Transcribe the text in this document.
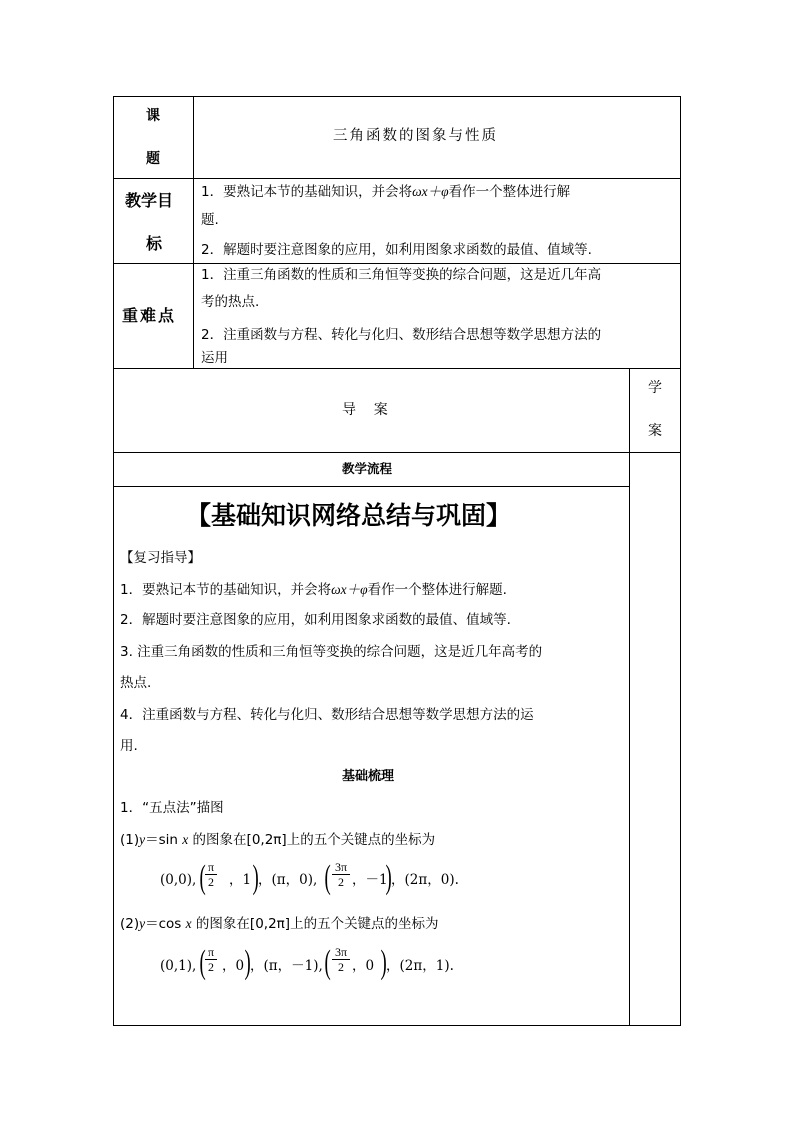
课
题
三角函数的图象与性质
教学目
标
1．要熟记本节的基础知识，并会将ωx＋φ看作一个整体进行解
题.
2．解题时要注意图象的应用，如利用图象求函数的最值、值域等.
重难点
1．注重三角函数的性质和三角恒等变换的综合问题，这是近几年高
考的热点.
2．注重函数与方程、转化与化归、数形结合思想等数学思想方法的
运用
导    案
学
案
教学流程
【基础知识网络总结与巩固】
【复习指导】
1．要熟记本节的基础知识，并会将ωx＋φ看作一个整体进行解题.
2．解题时要注意图象的应用，如利用图象求函数的最值、值域等.
3. 注重三角函数的性质和三角恒等变换的综合问题，这是近几年高考的
热点.
4．注重函数与方程、转化与化归、数形结合思想等数学思想方法的运
用.
基础梳理
1．“五点法”描图
(1)y＝sin x 的图象在[0,2π]上的五个关键点的坐标为
(0,0), ( π
2 ，1 ) ，(π，0), ( 3π
2 ，－1
) ，(2π，0).
(2)y＝cos x 的图象在[0,2π]上的五个关键点的坐标为
(0,1), ( π
2 ，0 ) ，(π，－1), ( 3π
2 ，0 ) ，(2π，1).
